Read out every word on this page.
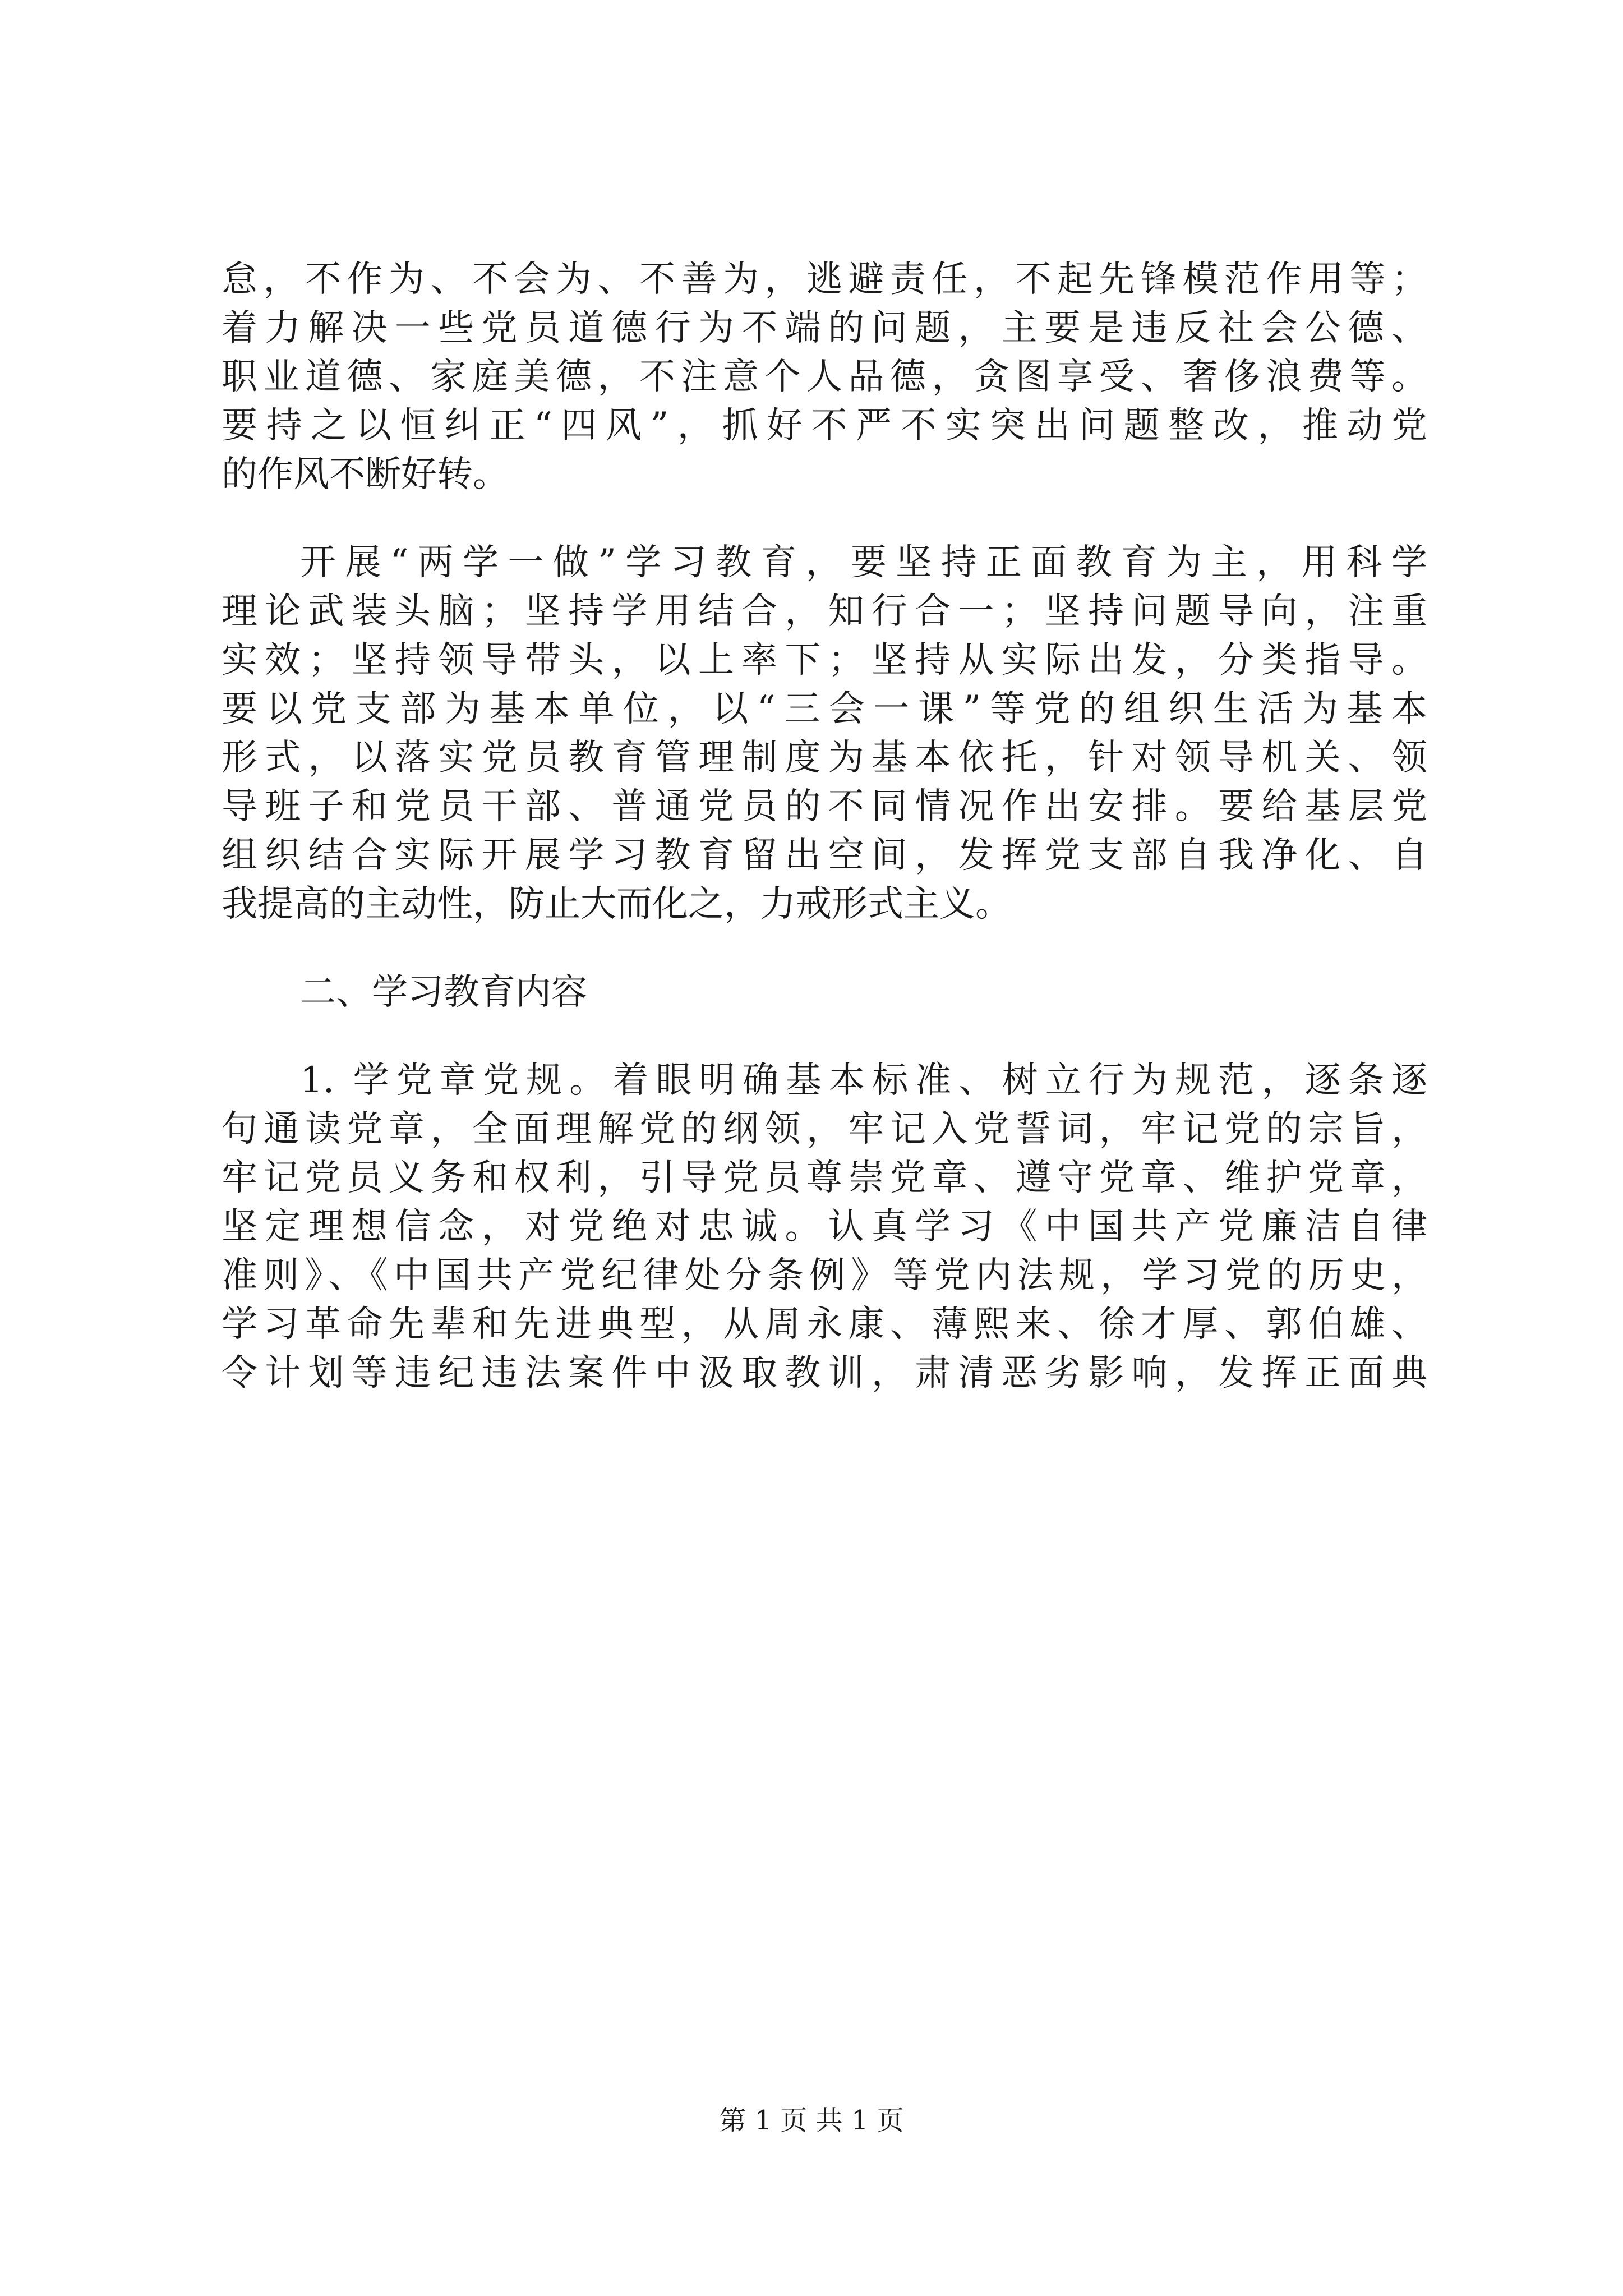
怠，不作为、不会为、不善为，逃避责任，不起先锋模范作用等；
着力解决一些党员道德行为不端的问题，主要是违反社会公德、
职业道德、家庭美德，不注意个人品德，贪图享受、奢侈浪费等。
要持之以恒纠正“四风”，抓好不严不实突出问题整改，推动党
的作风不断好转。
开展“两学一做”学习教育，要坚持正面教育为主，用科学
理论武装头脑；坚持学用结合，知行合一；坚持问题导向，注重
实效；坚持领导带头，以上率下；坚持从实际出发，分类指导。
要以党支部为基本单位，以“三会一课”等党的组织生活为基本
形式，以落实党员教育管理制度为基本依托，针对领导机关、领
导班子和党员干部、普通党员的不同情况作出安排。要给基层党
组织结合实际开展学习教育留出空间，发挥党支部自我净化、自
我提高的主动性，防止大而化之，力戒形式主义。
二、学习教育内容
1. 学党章党规。着眼明确基本标准、树立行为规范，逐条逐
句通读党章，全面理解党的纲领，牢记入党誓词，牢记党的宗旨，
牢记党员义务和权利，引导党员尊崇党章、遵守党章、维护党章，
坚定理想信念，对党绝对忠诚。认真学习《中国共产党廉洁自律
准则》、《中国共产党纪律处分条例》等党内法规，学习党的历史，
学习革命先辈和先进典型，从周永康、薄熙来、徐才厚、郭伯雄、
令计划等违纪违法案件中汲取教训，肃清恶劣影响，发挥正面典
第 1 页 共 1 页
